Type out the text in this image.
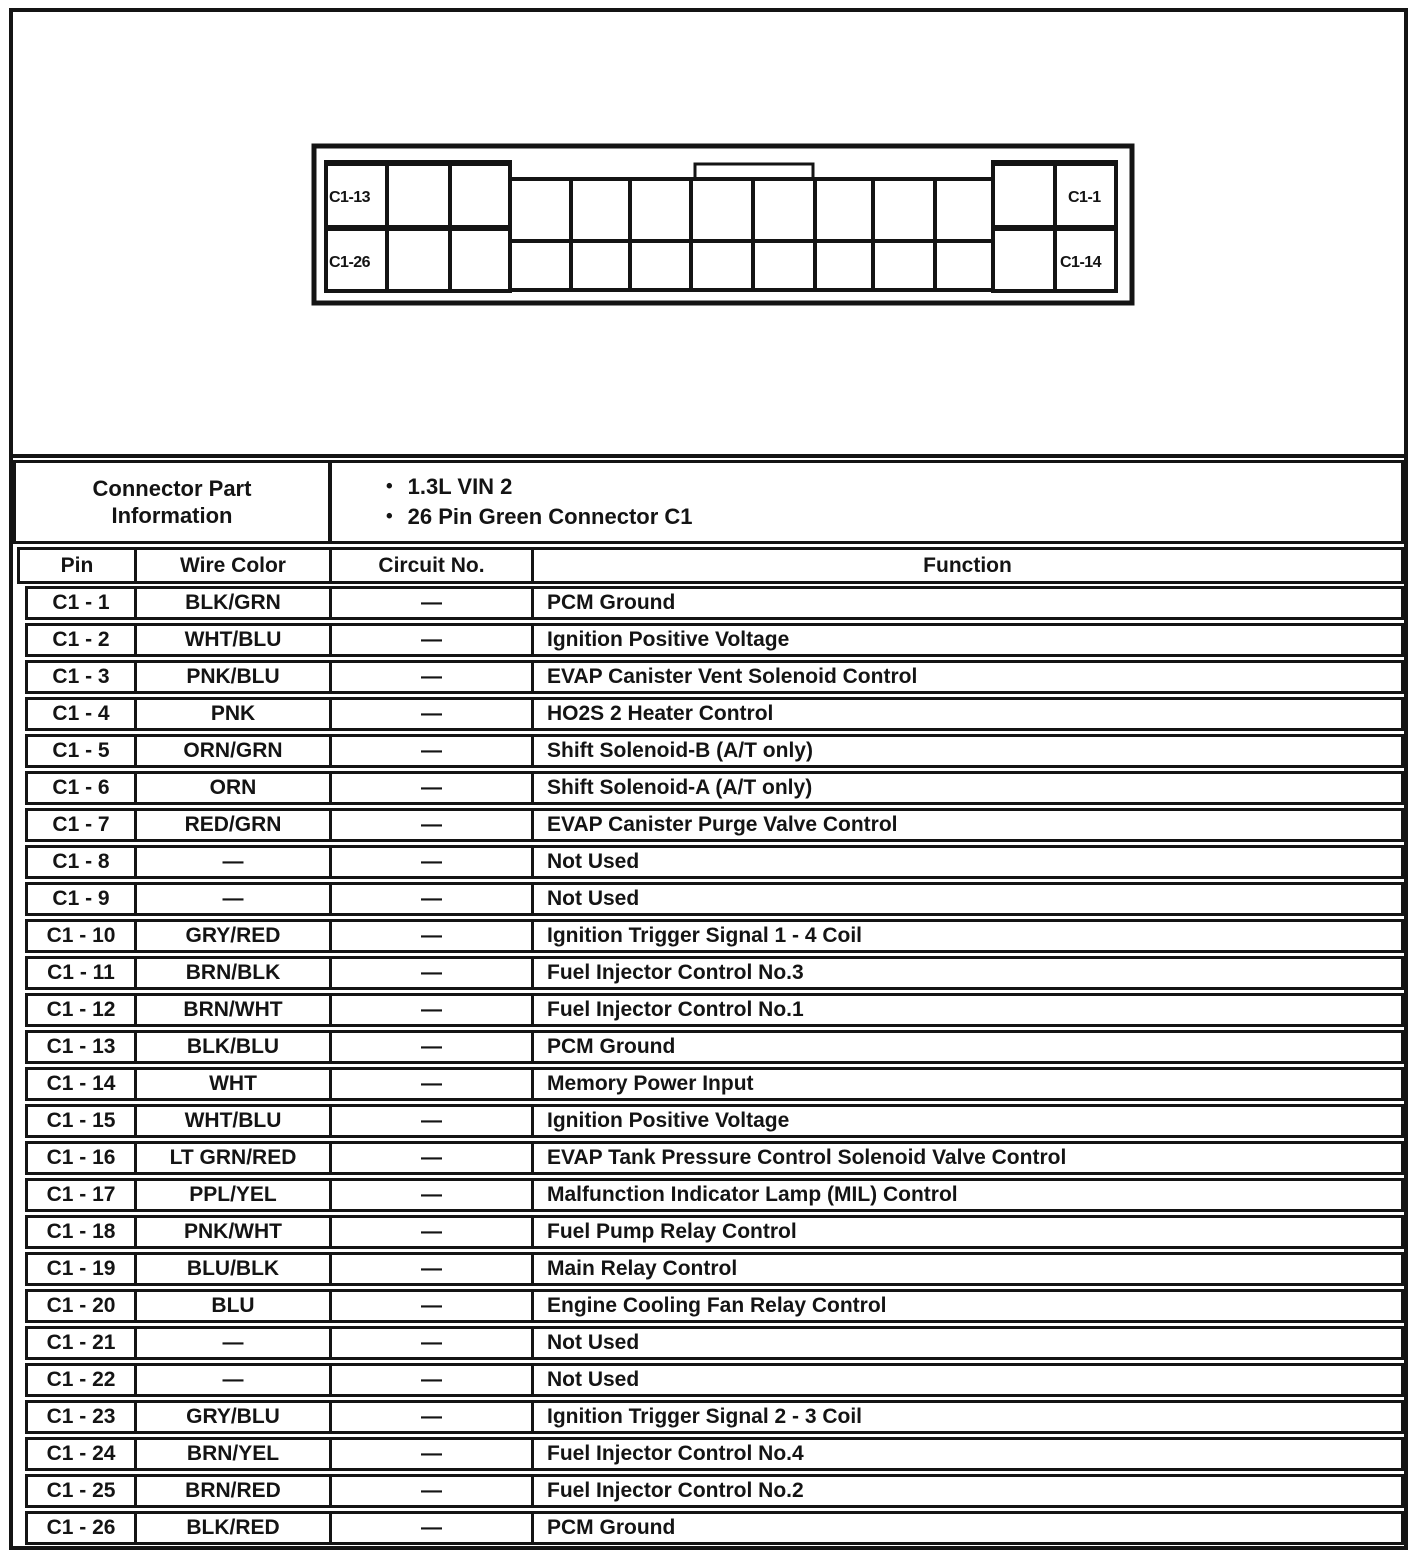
C1-13
C1-26
C1-1
C1-14
Connector Part Information
• 1.3L VIN 2
• 26 Pin Green Connector C1
Pin	Wire Color	Circuit No.	Function
C1 - 1	BLK/GRN	—	PCM Ground
C1 - 2	WHT/BLU	—	Ignition Positive Voltage
C1 - 3	PNK/BLU	—	EVAP Canister Vent Solenoid Control
C1 - 4	PNK	—	HO2S 2 Heater Control
C1 - 5	ORN/GRN	—	Shift Solenoid-B (A/T only)
C1 - 6	ORN	—	Shift Solenoid-A (A/T only)
C1 - 7	RED/GRN	—	EVAP Canister Purge Valve Control
C1 - 8	—	—	Not Used
C1 - 9	—	—	Not Used
C1 - 10	GRY/RED	—	Ignition Trigger Signal 1 - 4 Coil
C1 - 11	BRN/BLK	—	Fuel Injector Control No.3
C1 - 12	BRN/WHT	—	Fuel Injector Control No.1
C1 - 13	BLK/BLU	—	PCM Ground
C1 - 14	WHT	—	Memory Power Input
C1 - 15	WHT/BLU	—	Ignition Positive Voltage
C1 - 16	LT GRN/RED	—	EVAP Tank Pressure Control Solenoid Valve Control
C1 - 17	PPL/YEL	—	Malfunction Indicator Lamp (MIL) Control
C1 - 18	PNK/WHT	—	Fuel Pump Relay Control
C1 - 19	BLU/BLK	—	Main Relay Control
C1 - 20	BLU	—	Engine Cooling Fan Relay Control
C1 - 21	—	—	Not Used
C1 - 22	—	—	Not Used
C1 - 23	GRY/BLU	—	Ignition Trigger Signal 2 - 3 Coil
C1 - 24	BRN/YEL	—	Fuel Injector Control No.4
C1 - 25	BRN/RED	—	Fuel Injector Control No.2
C1 - 26	BLK/RED	—	PCM Ground
